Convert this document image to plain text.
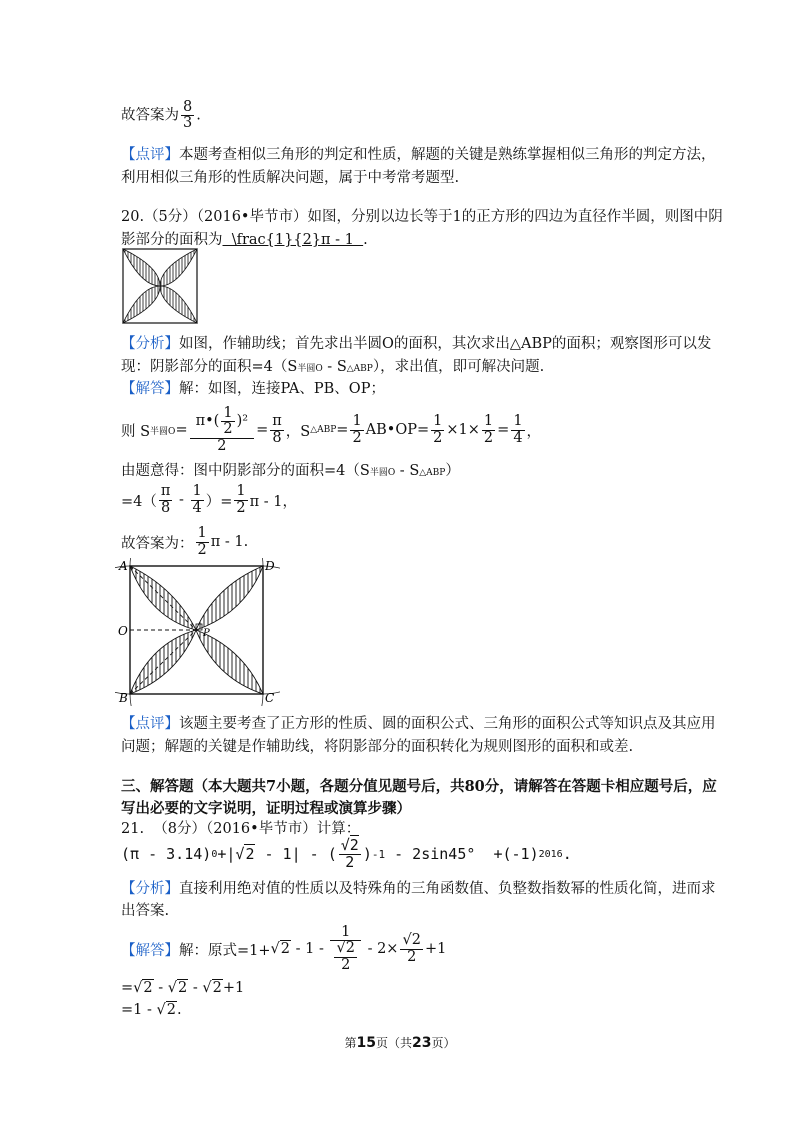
故答案为 $\frac{8}{3}$ .
【点评】本题考查相似三角形的判定和性质，解题的关键是熟练掌握相似三角形的判定方法，
利用相似三角形的性质解决问题，属于中考常考题型.
20.（5分）（2016•毕节市）如图，分别以边长等于1的正方形的四边为直径作半圆，则图中阴
影部分的面积为  \frac{1}{2}π - 1  .
【分析】如图，作辅助线；首先求出半圆O的面积，其次求出△ABP的面积；观察图形可以发
现：阴影部分的面积=4（S半圆O - S△ABP），求出值，即可解决问题.
【解答】解：如图，连接PA、PB、OP；
则 S 半圆$O = \frac{\pi•( \frac{1}{2} )^2}{2} = \frac{\pi}{8}$ ，S △ABP = $\frac{1}{2}$ AB•OP= $\frac{1}{2} \times 1\times \frac{1}{2} = \frac{1}{4}$ ，
由题意得：图中阴影部分的面积=4（S半圆O - S△ABP）
$=4( \frac{\pi}{8} - \frac{1}{4}$ ）= $\frac{1}{2}$ π - 1，
故答案为： $\frac{1}{2}$ π - 1.
A	D
O	P
B	C
【点评】该题主要考查了正方形的性质、圆的面积公式、三角形的面积公式等知识点及其应用
问题；解题的关键是作辅助线，将阴影部分的面积转化为规则图形的面积和或差.
三、解答题（本大题共7小题，各题分值见题号后，共80分，请解答在答题卡相应题号后，应
写出必要的文字说明，证明过程或演算步骤）
21.  （8分）（2016•毕节市）计算：
(π - 3.14) 0 +| √2 - 1| - ( $\frac{√2}{2}$ ) -1 - 2sin45°  +(-1) 2016 .
【分析】直接利用绝对值的性质以及特殊角的三角函数值、负整数指数幂的性质化简，进而求
出答案.
【解答】 解：原式$=1+ √2 - 1 - \frac{1}{\frac{√2}{2}} - 2\times \frac{√2}{2} +1$
=√2 - √2 - √2+1
=1 - √2.
第15页（共23页）
